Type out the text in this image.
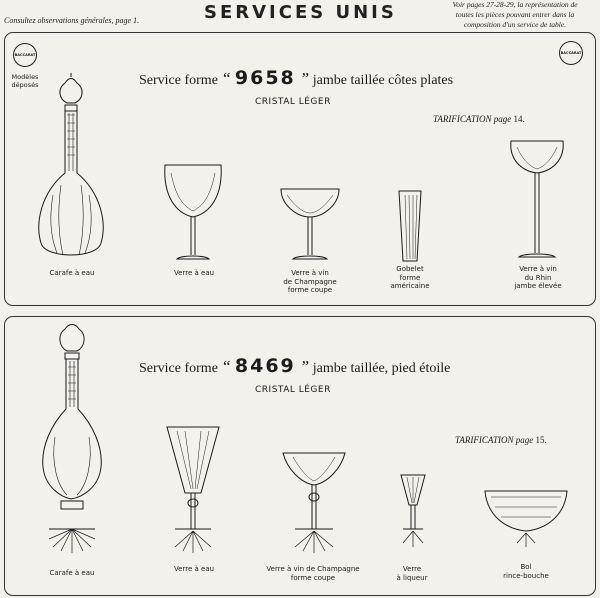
Consultez observations générales, page 1.	SERVICES UNIS	Voir pages 27-28-29, la représentation de
toutes les pièces pouvant entrer dans la
composition d'un service de table.
BACCARAT
Modèles
déposés
BACCARAT
Service forme “ 9658 ” jambe taillée côtes plates
CRISTAL LÉGER
TARIFICATION page 14.
Carafe à eau	Verre à eau	Verre à vin
de Champagne
forme coupe
Gobelet
forme
américaine
Verre à vin
du Rhin
jambe élevée
Service forme “ 8469 ” jambe taillée, pied étoile
CRISTAL LÉGER
TARIFICATION page 15.
Carafe à eau	Verre à eau	Verre à vin de Champagne
forme coupe
Verre
à liqueur
Bol
rince-bouche
